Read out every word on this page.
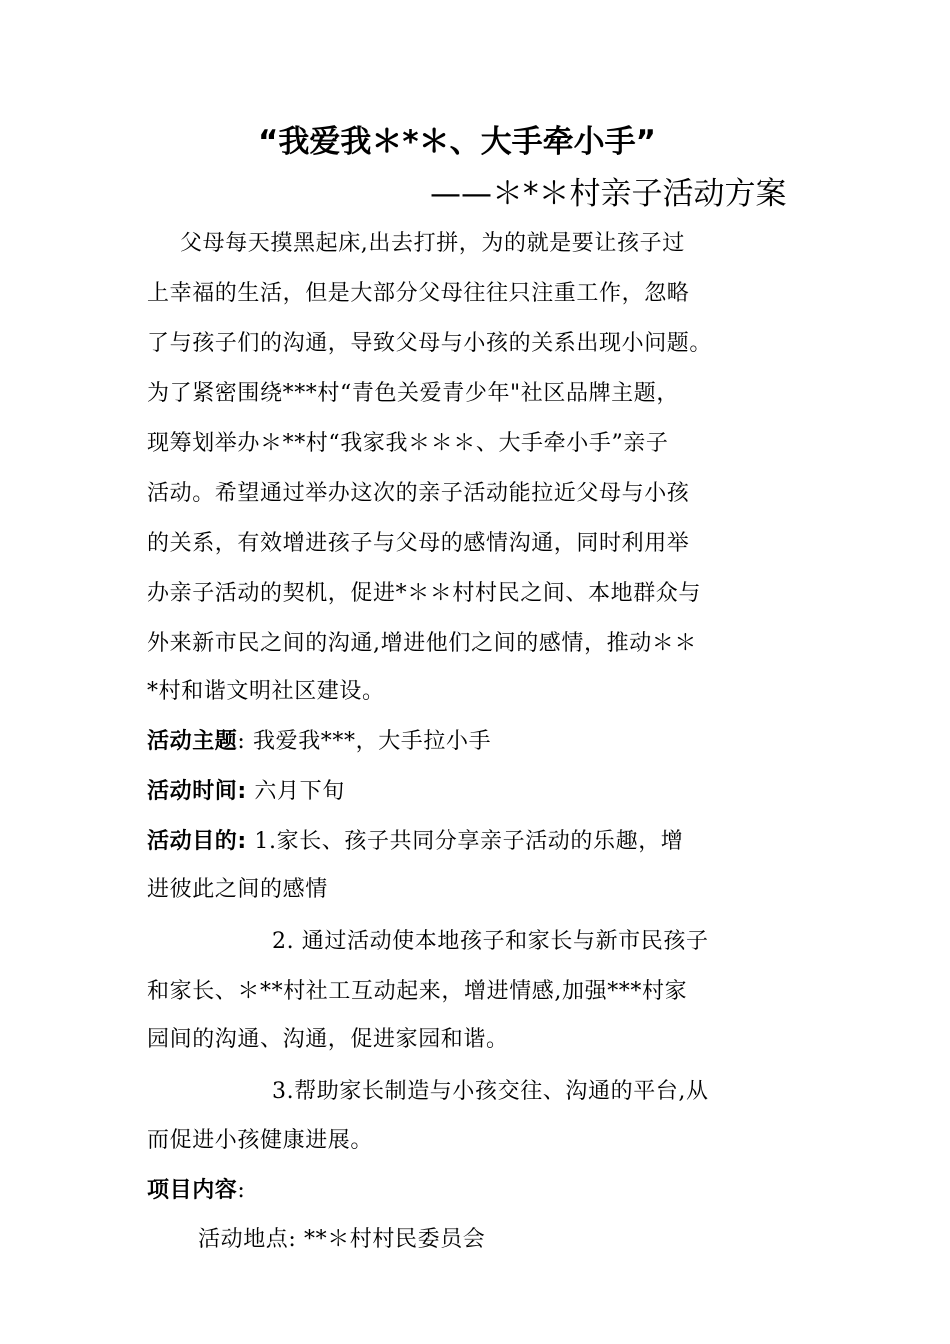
“我爱我＊*＊、大手牵小手”
——＊*＊村亲子活动方案
父母每天摸黑起床,出去打拼，为的就是要让孩子过
上幸福的生活，但是大部分父母往往只注重工作，忽略
了与孩子们的沟通，导致父母与小孩的关系出现小问题。
为了紧密围绕***村“青色关爱青少年"社区品牌主题，
现筹划举办＊**村“我家我＊＊＊、大手牵小手”亲子
活动。希望通过举办这次的亲子活动能拉近父母与小孩
的关系，有效增进孩子与父母的感情沟通，同时利用举
办亲子活动的契机，促进*＊＊村村民之间、本地群众与
外来新市民之间的沟通,增进他们之间的感情，推动＊＊
*村和谐文明社区建设。
活动主题: 我爱我***，大手拉小手
活动时间: 六月下旬
活动目的: 1.家长、孩子共同分享亲子活动的乐趣，增
进彼此之间的感情
2. 通过活动使本地孩子和家长与新市民孩子
和家长、＊**村社工互动起来，增进情感,加强***村家
园间的沟通、沟通，促进家园和谐。
3.帮助家长制造与小孩交往、沟通的平台,从
而促进小孩健康进展。
项目内容:
活动地点: **＊村村民委员会
